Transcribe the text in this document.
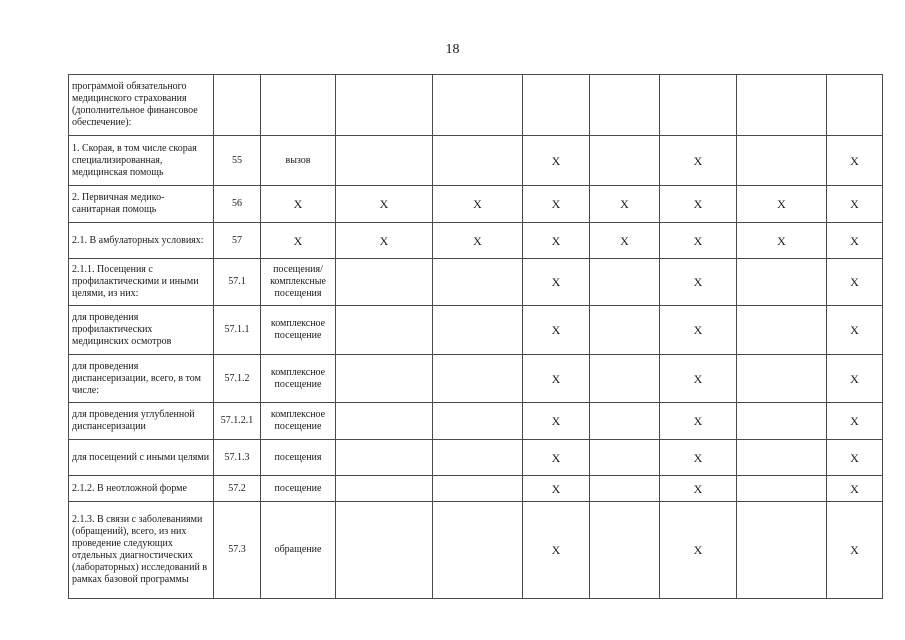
18
программой обязательного медицинского страхования (дополнительное финансовое обеспечение):									
1. Скорая, в том числе скорая специализированная, медицинская помощь	55	вызов			Х		Х		Х
2. Первичная медико-санитарная помощь	56	Х	Х	Х	Х	Х	Х	Х	Х
2.1. В амбулаторных условиях:	57	Х	Х	Х	Х	Х	Х	Х	Х
2.1.1. Посещения с профилактическими и иными целями, из них:	57.1	посещения/ комплексные посещения			Х		Х		Х
для проведения профилактических медицинских осмотров	57.1.1	комплексное посещение			Х		Х		Х
для проведения диспансеризации, всего, в том числе:	57.1.2	комплексное посещение			Х		Х		Х
для проведения углубленной диспансеризации	57.1.2.1	комплексное посещение			Х		Х		Х
для посещений с иными целями	57.1.3	посещения			Х		Х		Х
2.1.2. В неотложной форме	57.2	посещение			Х		Х		Х
2.1.3. В связи с заболеваниями (обращений), всего, из них проведение следующих отдельных диагностических (лабораторных) исследований в рамках базовой программы	57.3	обращение			Х		Х		Х
